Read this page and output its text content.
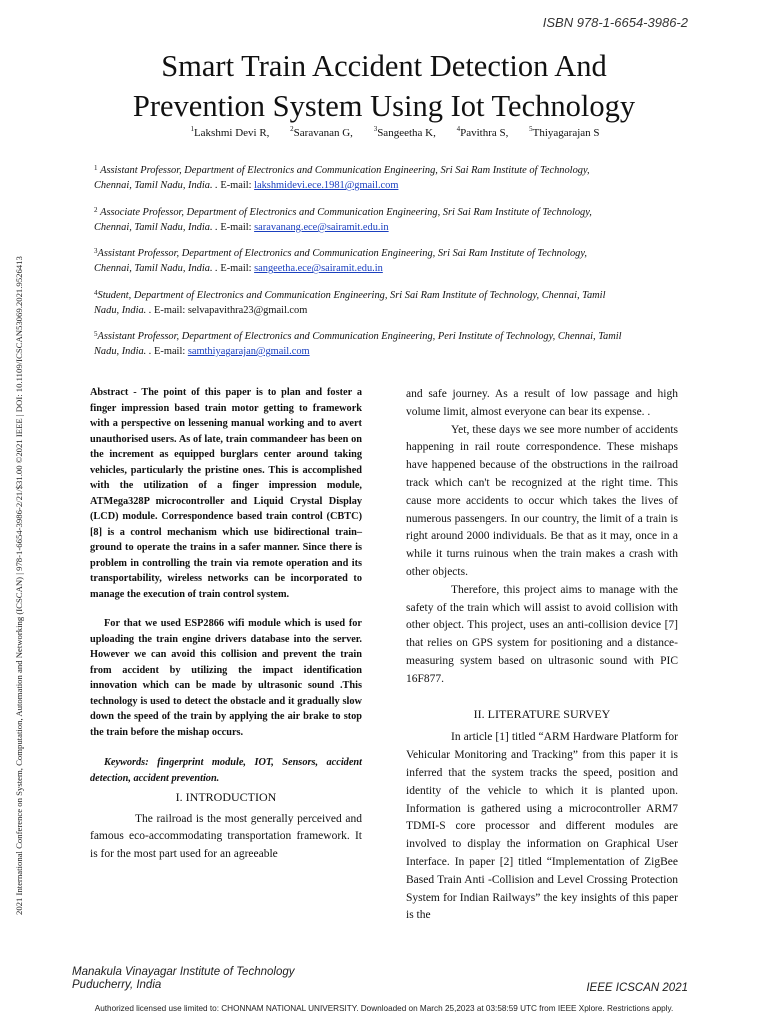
ISBN 978-1-6654-3986-2
Smart Train Accident Detection And
Prevention System Using Iot Technology
$^1$Lakshmi Devi R,	$^2$Saravanan G,	$^3$Sangeetha K,	$^4$Pavithra S,	$^5$Thiyagarajan S
$^1$ Assistant Professor, Department of Electronics and Communication Engineering, Sri Sai Ram Institute of Technology,
Chennai, Tamil Nadu, India. . E-mail: lakshmidevi.ece.1981@gmail.com
$^2$ Associate Professor, Department of Electronics and Communication Engineering, Sri Sai Ram Institute of Technology,
Chennai, Tamil Nadu, India. . E-mail: saravanang.ece@sairamit.edu.in
$^3$Assistant Professor, Department of Electronics and Communication Engineering, Sri Sai Ram Institute of Technology,
Chennai, Tamil Nadu, India. . E-mail: sangeetha.ece@sairamit.edu.in
$^4$Student, Department of Electronics and Communication Engineering, Sri Sai Ram Institute of Technology, Chennai, Tamil
Nadu, India. . E-mail: selvapavithra23@gmail.com
$^5$Assistant Professor, Department of Electronics and Communication Engineering, Peri Institute of Technology, Chennai, Tamil
Nadu, India. . E-mail: samthiyagarajan@gmail.com
2021 International Conference on System, Computation, Automation and Networking (ICSCAN) | 978-1-6654-3986-2/21/$31.00 ©2021 IEEE | DOI: 10.1109/ICSCAN53069.2021.9526413	Abstract - The point of this paper is to plan and foster a finger impression based train motor getting to framework with a perspective on lessening manual working and to avert unauthorised users. As of late, train commandeer has been on the increment as equipped burglars center around taking vehicles, particularly the pristine ones. This is accomplished with the utilization of a finger impression module, ATMega328P microcontroller and Liquid Crystal Display (LCD) module. Correspondence based train control (CBTC) [8] is a control mechanism which use bidirectional train–ground to operate the trains in a safer manner. Since there is problem in controlling the train via remote operation and its transportability, wireless networks can be incorporated to manage the execution of train control system.

For that we used ESP2866 wifi module which is used for uploading the train engine drivers database into the server. However we can avoid this collision and prevent the train from accident by utilizing the impact identification innovation which can be made by ultrasonic sound .This technology is used to detect the obstacle and it gradually slow down the speed of the train by applying the air brake to stop the train before the mishap occurs.

Keywords: fingerprint module, IOT, Sensors, accident detection, accident prevention.

I. INTRODUCTION

The railroad is the most generally perceived and famous eco-accommodating transportation framework. It is for the most part used for an agreeable

and safe journey. As a result of low passage and high volume limit, almost everyone can bear its expense. .

Yet, these days we see more number of accidents happening in rail route correspondence. These mishaps have happened because of the obstructions in the railroad track which can't be recognized at the right time. This cause more accidents to occur which takes the lives of numerous passengers. In our country, the limit of a train is right around 2000 individuals. Be that as it may, once in a while it turns ruinous when the train makes a crash with other objects.

Therefore, this project aims to manage with the safety of the train which will assist to avoid collision with other object. This project, uses an anti-collision device [7] that relies on GPS system for positioning and a distance-measuring system based on ultrasonic sound with PIC 16F877.

II. LITERATURE SURVEY

In article [1] titled “ARM Hardware Platform for Vehicular Monitoring and Tracking” from this paper it is inferred that the system tracks the speed, position and identity of the vehicle to which it is planted upon. Information is gathered using a microcontroller ARM7 TDMI-S core processor and different modules are involved to display the information on Graphical User Interface. In paper [2] titled “Implementation of ZigBee Based Train Anti -Collision and Level Crossing Protection System for Indian Railways” the key insights of this paper is the

Manakula Vinayagar Institute of Technology
Puducherry, India	IEEE ICSCAN 2021
Authorized licensed use limited to: CHONNAM NATIONAL UNIVERSITY. Downloaded on March 25,2023 at 03:58:59 UTC from IEEE Xplore. Restrictions apply.
